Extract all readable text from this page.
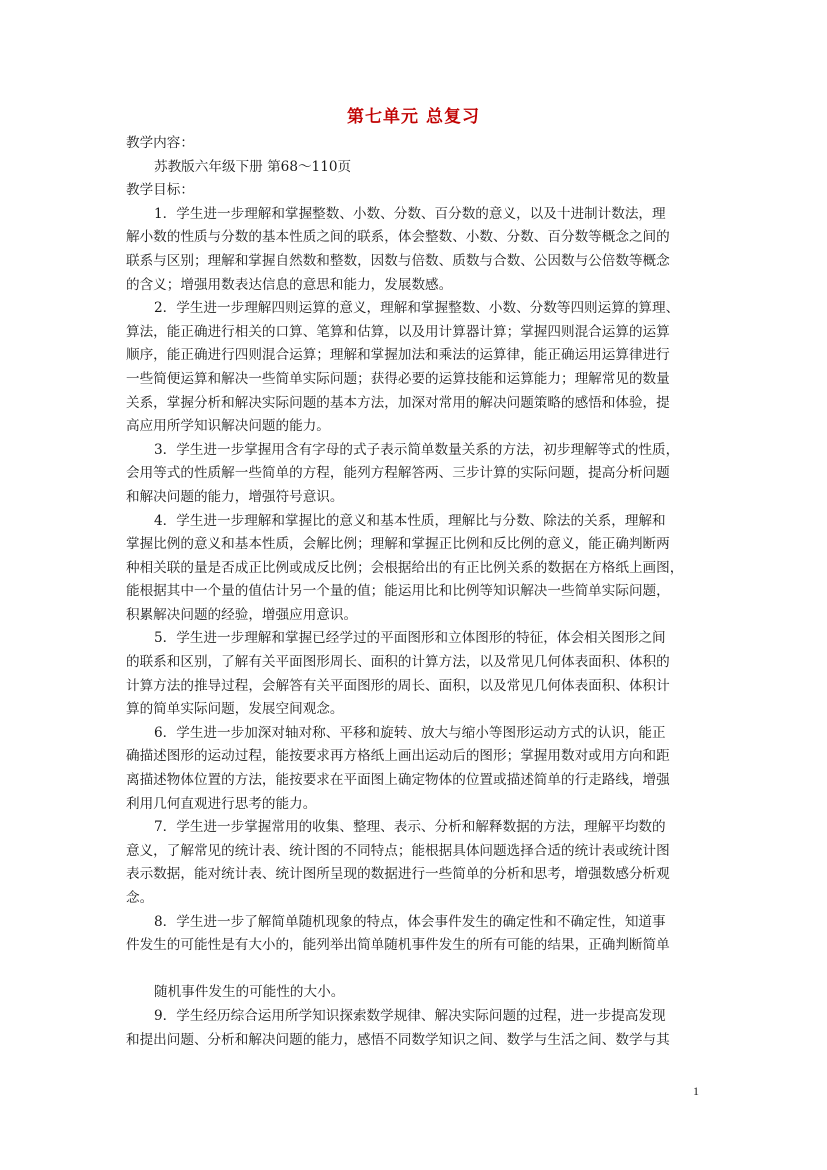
第七单元 总复习
教学内容：
苏教版六年级下册 第68～110页
教学目标：
1．学生进一步理解和掌握整数、小数、分数、百分数的意义，以及十进制计数法，理
解小数的性质与分数的基本性质之间的联系，体会整数、小数、分数、百分数等概念之间的
联系与区别；理解和掌握自然数和整数，因数与倍数、质数与合数、公因数与公倍数等概念
的含义；增强用数表达信息的意思和能力，发展数感。
2．学生进一步理解四则运算的意义，理解和掌握整数、小数、分数等四则运算的算理、
算法，能正确进行相关的口算、笔算和估算，以及用计算器计算；掌握四则混合运算的运算
顺序，能正确进行四则混合运算；理解和掌握加法和乘法的运算律，能正确运用运算律进行
一些简便运算和解决一些简单实际问题；获得必要的运算技能和运算能力；理解常见的数量
关系，掌握分析和解决实际问题的基本方法，加深对常用的解决问题策略的感悟和体验，提
高应用所学知识解决问题的能力。
3．学生进一步掌握用含有字母的式子表示简单数量关系的方法，初步理解等式的性质，
会用等式的性质解一些简单的方程，能列方程解答两、三步计算的实际问题，提高分析问题
和解决问题的能力，增强符号意识。
4．学生进一步理解和掌握比的意义和基本性质，理解比与分数、除法的关系，理解和
掌握比例的意义和基本性质，会解比例；理解和掌握正比例和反比例的意义，能正确判断两
种相关联的量是否成正比例或成反比例；会根据给出的有正比例关系的数据在方格纸上画图，
能根据其中一个量的值估计另一个量的值；能运用比和比例等知识解决一些简单实际问题，
积累解决问题的经验，增强应用意识。
5．学生进一步理解和掌握已经学过的平面图形和立体图形的特征，体会相关图形之间
的联系和区别，了解有关平面图形周长、面积的计算方法，以及常见几何体表面积、体积的
计算方法的推导过程，会解答有关平面图形的周长、面积，以及常见几何体表面积、体积计
算的简单实际问题，发展空间观念。
6．学生进一步加深对轴对称、平移和旋转、放大与缩小等图形运动方式的认识，能正
确描述图形的运动过程，能按要求再方格纸上画出运动后的图形；掌握用数对或用方向和距
离描述物体位置的方法，能按要求在平面图上确定物体的位置或描述简单的行走路线，增强
利用几何直观进行思考的能力。
7．学生进一步掌握常用的收集、整理、表示、分析和解释数据的方法，理解平均数的
意义，了解常见的统计表、统计图的不同特点；能根据具体问题选择合适的统计表或统计图
表示数据，能对统计表、统计图所呈现的数据进行一些简单的分析和思考，增强数感分析观
念。
8．学生进一步了解简单随机现象的特点，体会事件发生的确定性和不确定性，知道事
件发生的可能性是有大小的，能列举出简单随机事件发生的所有可能的结果，正确判断简单
随机事件发生的可能性的大小。
9．学生经历综合运用所学知识探索数学规律、解决实际问题的过程，进一步提高发现
和提出问题、分析和解决问题的能力，感悟不同数学知识之间、数学与生活之间、数学与其
1
